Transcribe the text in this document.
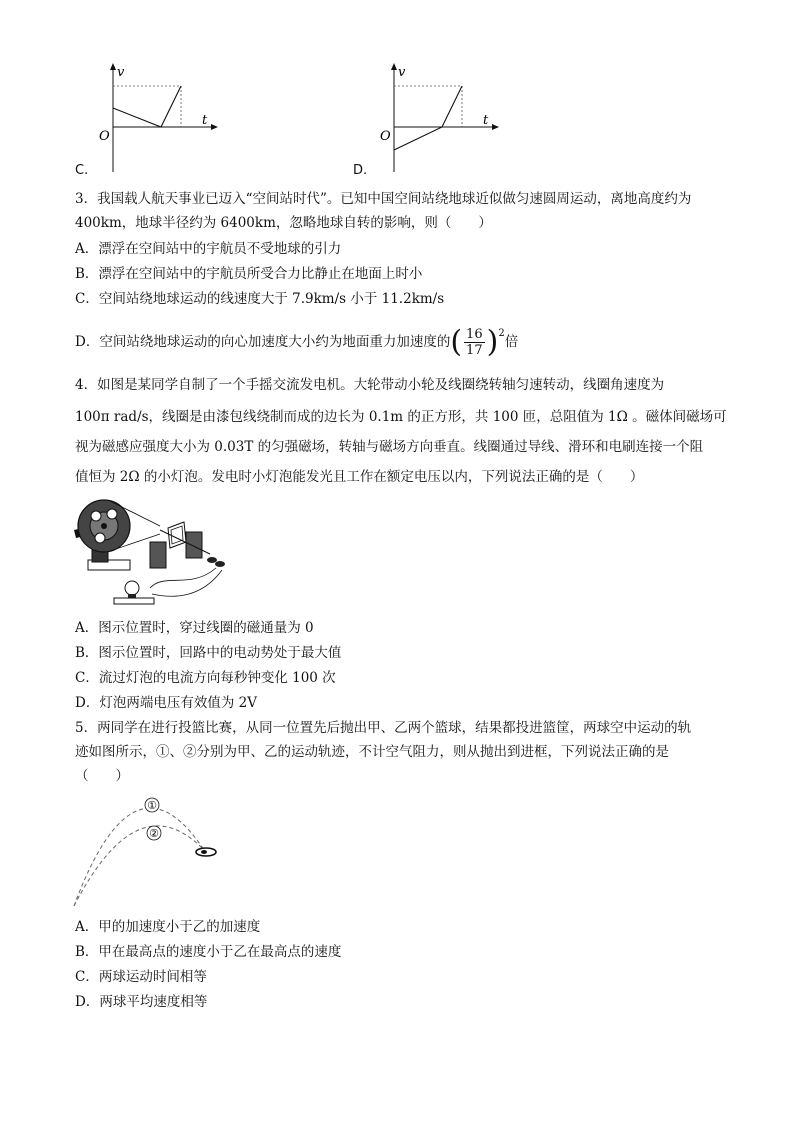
v
t
O
C.
v
t
O
D.
3．我国载人航天事业已迈入“空间站时代”。已知中国空间站绕地球近似做匀速圆周运动，离地高度约为
400km，地球半径约为 6400km，忽略地球自转的影响，则（　　）
A．漂浮在空间站中的宇航员不受地球的引力
B．漂浮在空间站中的宇航员所受合力比静止在地面上时小
C．空间站绕地球运动的线速度大于 7.9km/s 小于 11.2km/s
D．空间站绕地球运动的向心加速度大小约为地面重力加速度的( $\frac{16}{17} )^2$倍
4．如图是某同学自制了一个手摇交流发电机。大轮带动小轮及线圈绕转轴匀速转动，线圈角速度为
100π rad/s，线圈是由漆包线绕制而成的边长为 0.1m 的正方形，共 100 匝，总阻值为 1Ω 。磁体间磁场可
视为磁感应强度大小为 0.03T 的匀强磁场，转轴与磁场方向垂直。线圈通过导线、滑环和电刷连接一个阻
值恒为 2Ω 的小灯泡。发电时小灯泡能发光且工作在额定电压以内，下列说法正确的是（　　）
A．图示位置时，穿过线圈的磁通量为 0
B．图示位置时，回路中的电动势处于最大值
C．流过灯泡的电流方向每秒钟变化 100 次
D．灯泡两端电压有效值为 2V
5．两同学在进行投篮比赛，从同一位置先后抛出甲、乙两个篮球，结果都投进篮筐，两球空中运动的轨
迹如图所示，①、②分别为甲、乙的运动轨迹，不计空气阻力，则从抛出到进框，下列说法正确的是
（　　）
①
②
A．甲的加速度小于乙的加速度
B．甲在最高点的速度小于乙在最高点的速度
C．两球运动时间相等
D．两球平均速度相等
